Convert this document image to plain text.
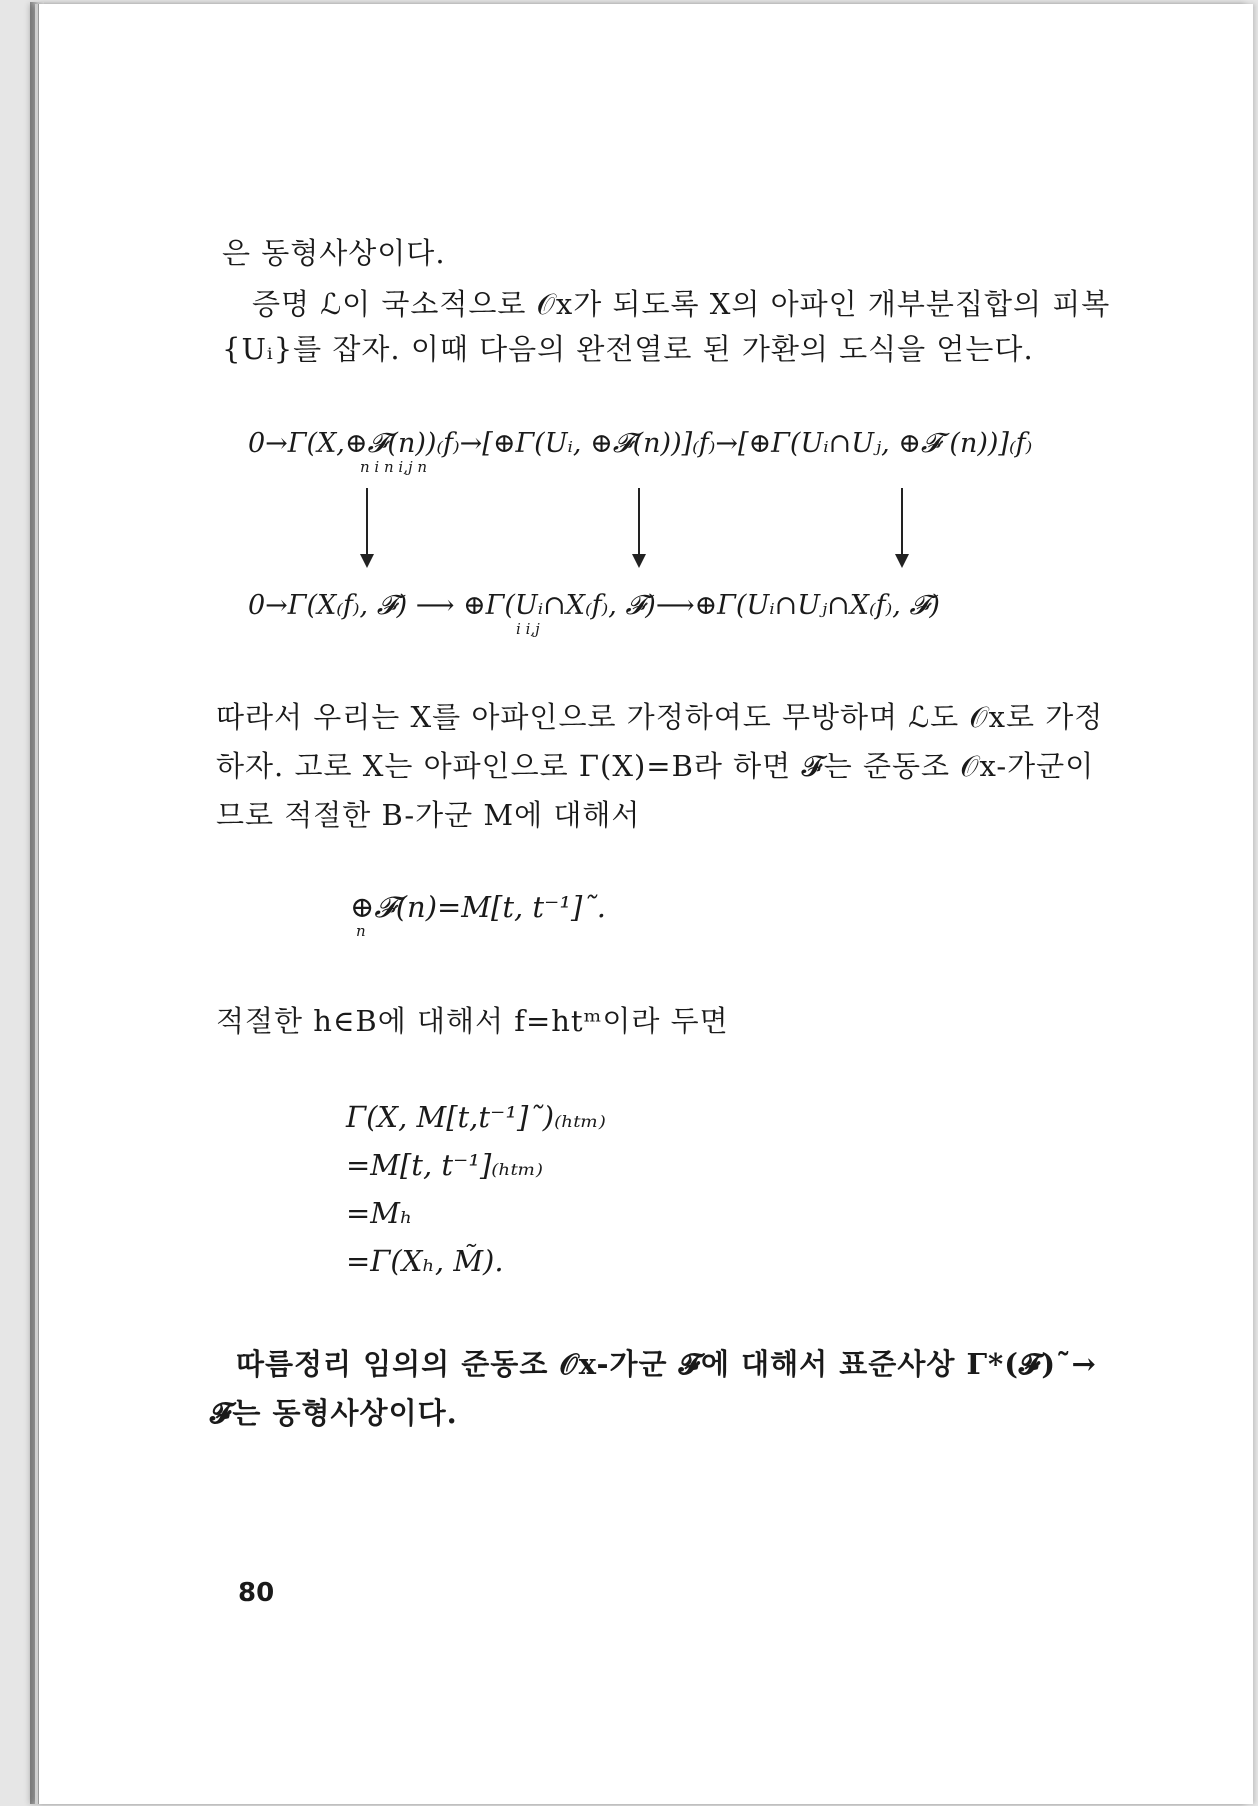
은 동형사상이다.
증명 ℒ이 국소적으로 𝒪x가 되도록 X의 아파인 개부분집합의 피복
{Uᵢ}를 잡자. 이때 다음의 완전열로 된 가환의 도식을 얻는다.
0→Γ(X,⊕𝓕(n))₍f₎→[⊕Γ(Uᵢ, ⊕𝓕(n))]₍f₎→[⊕Γ(Uᵢ∩Uⱼ, ⊕𝓕 (n))]₍f₎
n i n i,j n
0→Γ(X₍f₎, 𝓕) ⟶ ⊕Γ(Uᵢ∩X₍f₎, 𝓕)⟶⊕Γ(Uᵢ∩Uⱼ∩X₍f₎, 𝓕)
i i,j
따라서 우리는 X를 아파인으로 가정하여도 무방하며 ℒ도 𝒪x로 가정
하자. 고로 X는 아파인으로 Γ(X)=B라 하면 𝓕는 준동조 𝒪x-가군이
므로 적절한 B-가군 M에 대해서
⊕𝓕(n)=M[t, t⁻¹]˜.
n
적절한 h∈B에 대해서 f=htᵐ이라 두면
Γ(X, M[t,t⁻¹]˜)₍ₕₜₘ₎
=M[t, t⁻¹]₍ₕₜₘ₎
=Mₕ
=Γ(Xₕ, M̃).
따름정리 임의의 준동조 𝒪x-가군 𝓕에 대해서 표준사상 Γ*(𝓕)˜→
𝓕는 동형사상이다.
80
